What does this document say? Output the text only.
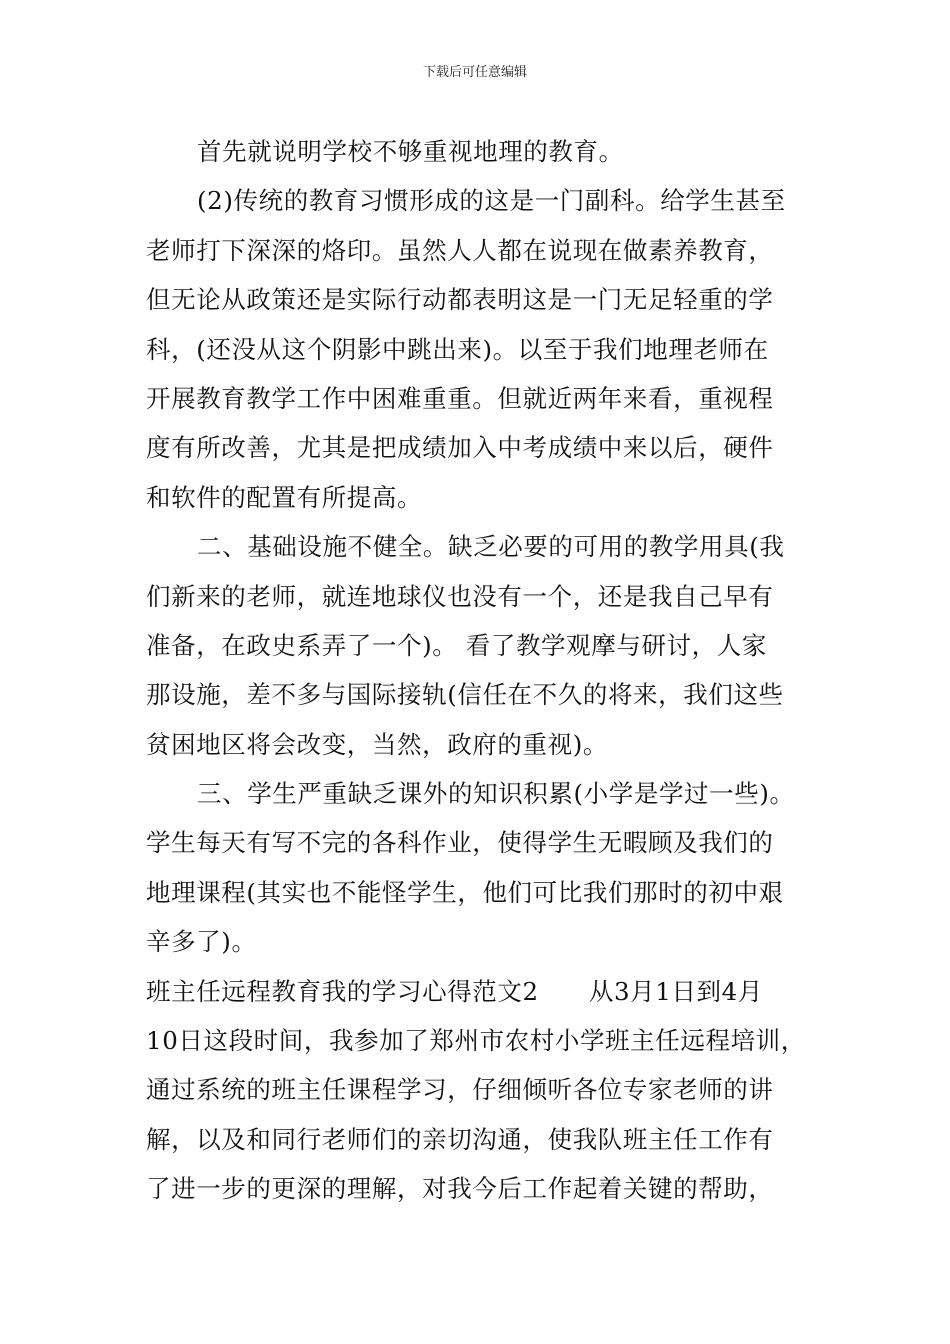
下载后可任意编辑
首先就说明学校不够重视地理的教育。
(2)传统的教育习惯形成的这是一门副科。给学生甚至
老师打下深深的烙印。虽然人人都在说现在做素养教育，
但无论从政策还是实际行动都表明这是一门无足轻重的学
科，(还没从这个阴影中跳出来)。以至于我们地理老师在
开展教育教学工作中困难重重。但就近两年来看，重视程
度有所改善，尤其是把成绩加入中考成绩中来以后，硬件
和软件的配置有所提高。
二、基础设施不健全。缺乏必要的可用的教学用具(我
们新来的老师，就连地球仪也没有一个，还是我自己早有
准备，在政史系弄了一个)。 看了教学观摩与研讨，人家
那设施，差不多与国际接轨(信任在不久的将来，我们这些
贫困地区将会改变，当然，政府的重视)。
三、学生严重缺乏课外的知识积累(小学是学过一些)。
学生每天有写不完的各科作业，使得学生无暇顾及我们的
地理课程(其实也不能怪学生，他们可比我们那时的初中艰
辛多了)。
班主任远程教育我的学习心得范文2　　从3月1日到4月
10日这段时间，我参加了郑州市农村小学班主任远程培训，
通过系统的班主任课程学习，仔细倾听各位专家老师的讲
解，以及和同行老师们的亲切沟通，使我队班主任工作有
了进一步的更深的理解，对我今后工作起着关键的帮助，
